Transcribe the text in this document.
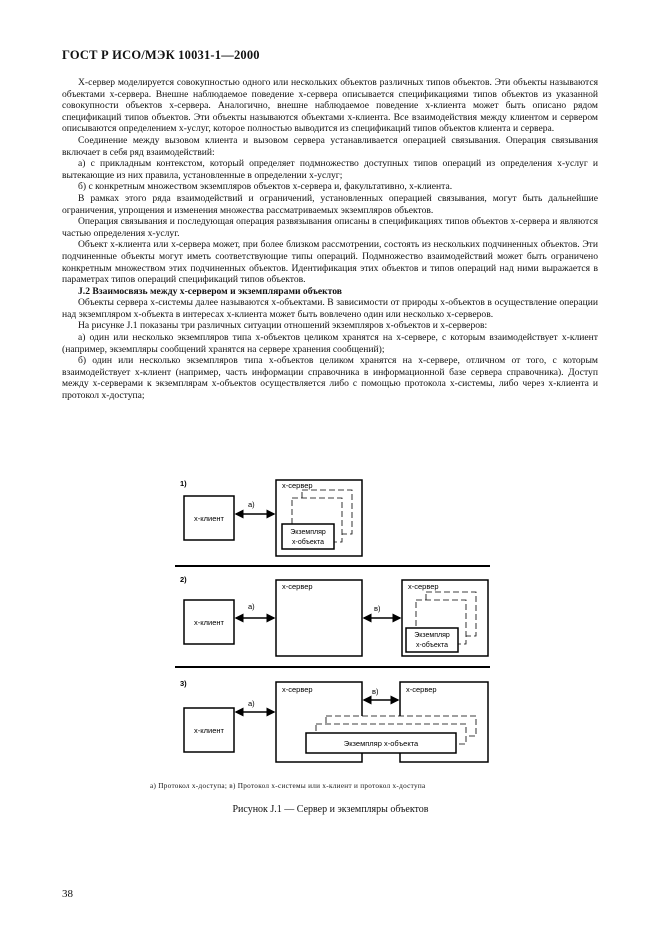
ГОСТ Р ИСО/МЭК 10031-1—2000

X-сервер моделируется совокупностью одного или нескольких объектов различных типов объектов. Эти объекты называются объектами x-сервера. Внешне наблюдаемое поведение x-сервера описывается спецификациями типов объектов из указанной совокупности объектов x-сервера. Аналогично, внешне наблюдаемое поведение x-клиента может быть описано рядом спецификаций типов объектов. Эти объекты называются объектами x-клиента. Все взаимодействия между клиентом и сервером описываются определением x-услуг, которое полностью выводится из спецификаций типов объектов клиента и сервера.

Соединение между вызовом клиента и вызовом сервера устанавливается операцией связывания. Операция связывания включает в себя ряд взаимодействий:

а) с прикладным контекстом, который определяет подмножество доступных типов операций из определения x-услуг и вытекающие из них правила, установленные в определении x-услуг;

б) с конкретным множеством экземпляров объектов x-сервера и, факультативно, x-клиента.

В рамках этого ряда взаимодействий и ограничений, установленных операцией связывания, могут быть дальнейшие ограничения, упрощения и изменения множества рассматриваемых экземпляров объектов.

Операция связывания и последующая операция развязывания описаны в спецификациях типов объектов x-сервера и являются частью определения x-услуг.

Объект x-клиента или x-сервера может, при более близком рассмотрении, состоять из нескольких подчиненных объектов. Эти подчиненные объекты могут иметь соответствующие типы операций. Подмножество взаимодействий может быть ограничено конкретным множеством этих подчиненных объектов. Идентификация этих объектов и типов операций над ними выражается в параметрах типов операций спецификаций типов объектов.

J.2 Взаимосвязь между x-сервером и экземплярами объектов

Объекты сервера x-системы далее называются x-объектами. В зависимости от природы x-объектов в осуществление операции над экземпляром x-объекта в интересах x-клиента может быть вовлечено один или несколько x-серверов.

На рисунке J.1 показаны три различных ситуации отношений экземпляров x-объектов и x-серверов:

а) один или несколько экземпляров типа x-объектов целиком хранятся на x-сервере, с которым взаимодействует x-клиент (например, экземпляры сообщений хранятся на сервере хранения сообщений);

б) один или несколько экземпляров типа x-объектов целиком хранятся на x-сервере, отличном от того, с которым взаимодействует x-клиент (например, часть информации справочника в информационной базе сервера справочника). Доступ между x-серверами к экземплярам x-объектов осуществляется либо с помощью протокола x-системы, либо через x-клиента и протокол x-доступа;

1)
x-клиент
а)
x-сервер
Экземпляр
x-объекта
2)
x-клиент
а)
x-сервер
в)
x-сервер
Экземпляр
x-объекта
3)
x-клиент
а)
x-сервер	x-сервер
в)
Экземпляр x-объекта
а) Протокол x-доступа; в) Протокол x-системы или x-клиент и протокол x-доступа
Рисунок J.1 — Сервер и экземпляры объектов
38
